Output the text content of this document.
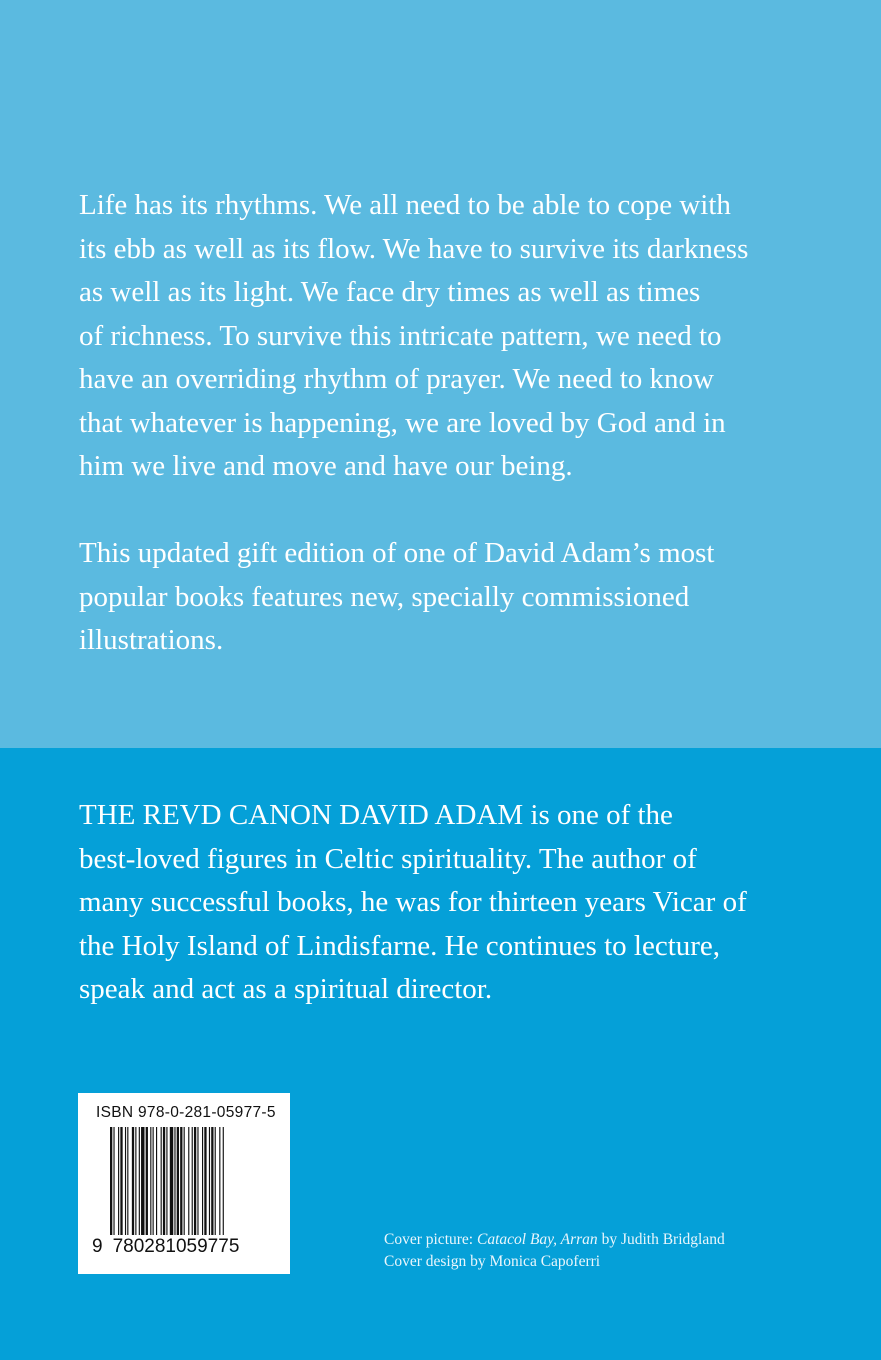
Life has its rhythms. We all need to be able to cope with
its ebb as well as its flow. We have to survive its darkness
as well as its light. We face dry times as well as times
of richness. To survive this intricate pattern, we need to
have an overriding rhythm of prayer. We need to know
that whatever is happening, we are loved by God and in
him we live and move and have our being.

This updated gift edition of one of David Adam’s most
popular books features new, specially commissioned
illustrations.

THE REVD CANON DAVID ADAM is one of the
best-loved figures in Celtic spirituality. The author of
many successful books, he was for thirteen years Vicar of
the Holy Island of Lindisfarne. He continues to lecture,
speak and act as a spiritual director.

ISBN 978-0-281-05977-5
9 780281059775	Cover picture: Catacol Bay, Arran by Judith Bridgland
Cover design by Monica Capoferri
